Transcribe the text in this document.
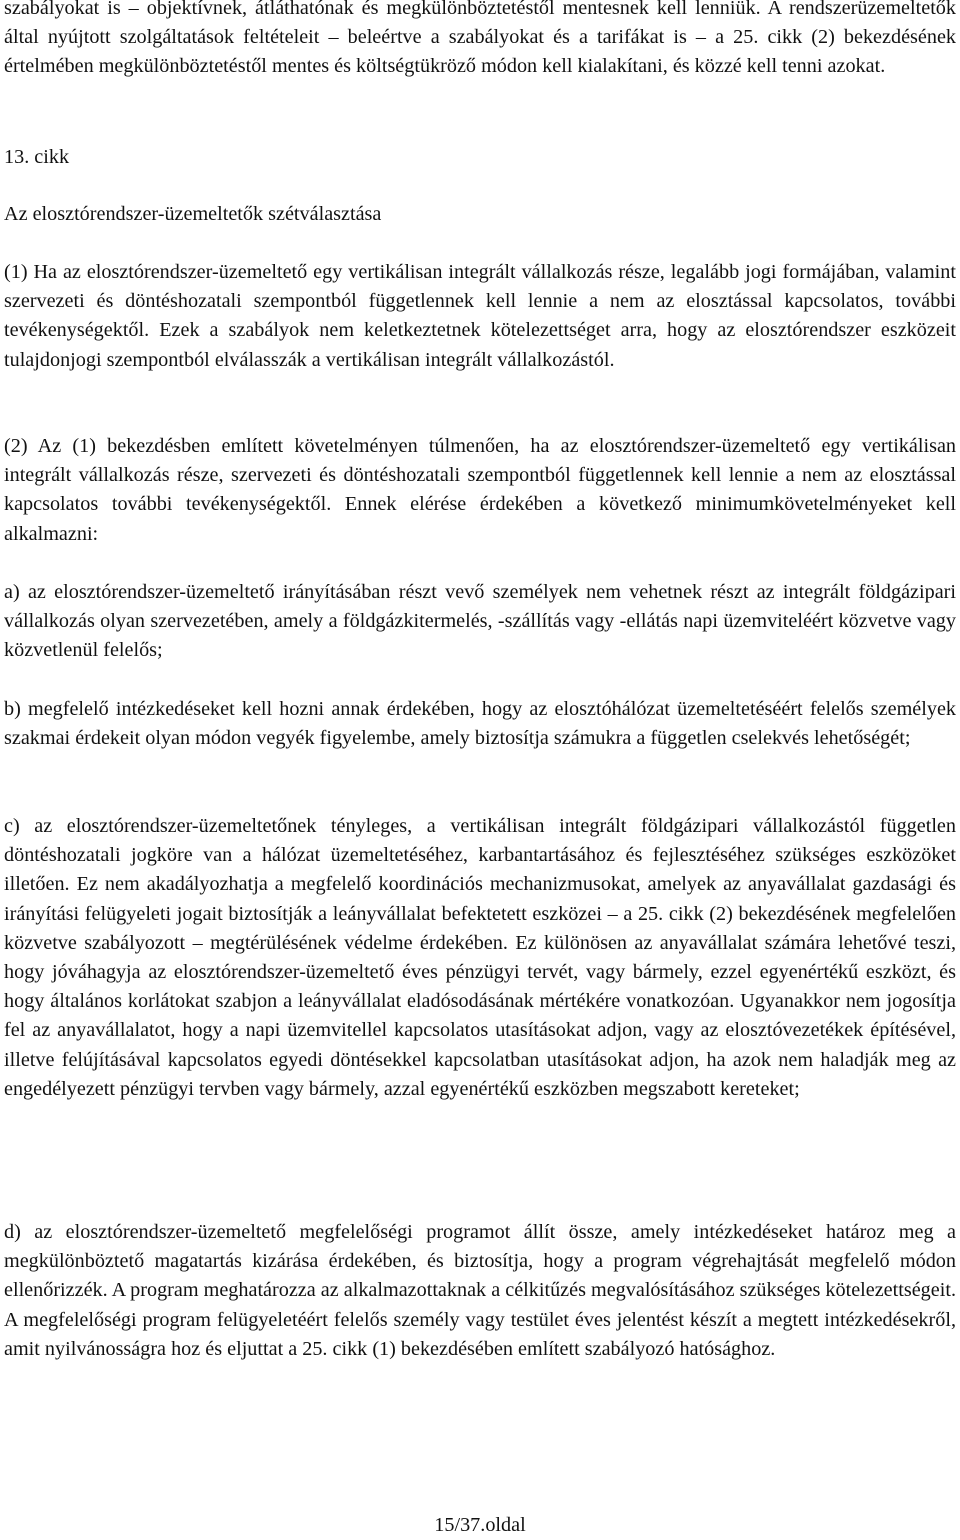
szabályokat is – objektívnek, átláthatónak és megkülönböztetéstől mentesnek kell lenniük. A rendszerüzemeltetők által nyújtott szolgáltatások feltételeit – beleértve a szabályokat és a tarifákat is – a 25. cikk (2) bekezdésének értelmében megkülönböztetéstől mentes és költségtükröző módon kell kialakítani, és közzé kell tenni azokat.

13. cikk

Az elosztórendszer-üzemeltetők szétválasztása

(1) Ha az elosztórendszer-üzemeltető egy vertikálisan integrált vállalkozás része, legalább jogi formájában, valamint szervezeti és döntéshozatali szempontból függetlennek kell lennie a nem az elosztással kapcsolatos, további tevékenységektől. Ezek a szabályok nem keletkeztetnek kötelezettséget arra, hogy az elosztórendszer eszközeit tulajdonjogi szempontból elválasszák a vertikálisan integrált vállalkozástól.

(2) Az (1) bekezdésben említett követelményen túlmenően, ha az elosztórendszer-üzemeltető egy vertikálisan integrált vállalkozás része, szervezeti és döntéshozatali szempontból függetlennek kell lennie a nem az elosztással kapcsolatos további tevékenységektől. Ennek elérése érdekében a következő minimumkövetelményeket kell alkalmazni:

a) az elosztórendszer-üzemeltető irányításában részt vevő személyek nem vehetnek részt az integrált földgázipari vállalkozás olyan szervezetében, amely a földgázkitermelés, -szállítás vagy -ellátás napi üzemviteléért közvetve vagy közvetlenül felelős;

b) megfelelő intézkedéseket kell hozni annak érdekében, hogy az elosztóhálózat üzemeltetéséért felelős személyek szakmai érdekeit olyan módon vegyék figyelembe, amely biztosítja számukra a független cselekvés lehetőségét;

c) az elosztórendszer-üzemeltetőnek tényleges, a vertikálisan integrált földgázipari vállalkozástól független döntéshozatali jogköre van a hálózat üzemeltetéséhez, karbantartásához és fejlesztéséhez szükséges eszközöket illetően. Ez nem akadályozhatja a megfelelő koordinációs mechanizmusokat, amelyek az anyavállalat gazdasági és irányítási felügyeleti jogait biztosítják a leányvállalat befektetett eszközei – a 25. cikk (2) bekezdésének megfelelően közvetve szabályozott – megtérülésének védelme érdekében. Ez különösen az anyavállalat számára lehetővé teszi, hogy jóváhagyja az elosztórendszer-üzemeltető éves pénzügyi tervét, vagy bármely, ezzel egyenértékű eszközt, és hogy általános korlátokat szabjon a leányvállalat eladósodásának mértékére vonatkozóan. Ugyanakkor nem jogosítja fel az anyavállalatot, hogy a napi üzemvitellel kapcsolatos utasításokat adjon, vagy az elosztóvezetékek építésével, illetve felújításával kapcsolatos egyedi döntésekkel kapcsolatban utasításokat adjon, ha azok nem haladják meg az engedélyezett pénzügyi tervben vagy bármely, azzal egyenértékű eszközben megszabott kereteket;

d) az elosztórendszer-üzemeltető megfelelőségi programot állít össze, amely intézkedéseket határoz meg a megkülönböztető magatartás kizárása érdekében, és biztosítja, hogy a program végrehajtását megfelelő módon ellenőrizzék. A program meghatározza az alkalmazottaknak a célkitűzés megvalósításához szükséges kötelezettségeit. A megfelelőségi program felügyeletéért felelős személy vagy testület éves jelentést készít a megtett intézkedésekről, amit nyilvánosságra hoz és eljuttat a 25. cikk (1) bekezdésében említett szabályozó hatósághoz.

15/37.oldal
